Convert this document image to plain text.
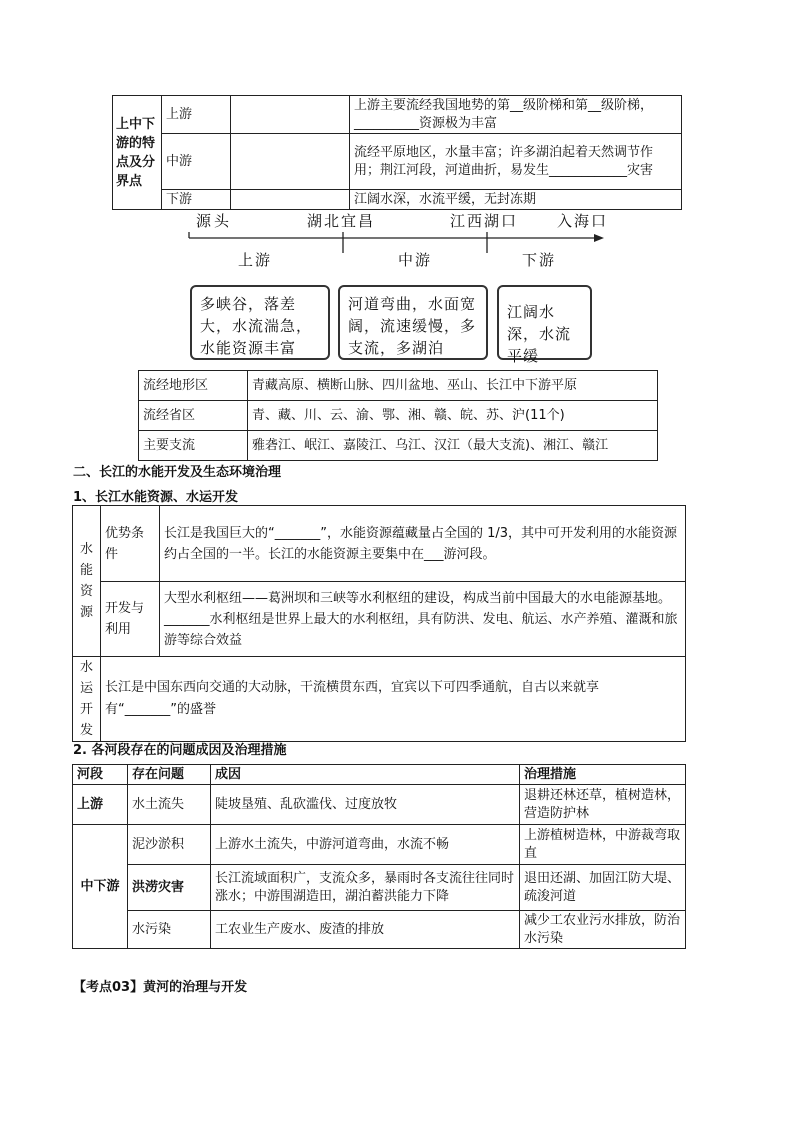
上中下游的特点及分界点	上游		上游主要流经我国地势的第__级阶梯和第__级阶梯，__________资源极为丰富
	中游		流经平原地区，水量丰富；许多湖泊起着天然调节作用；荆江河段，河道曲折，易发生____________灾害
	下游		江阔水深，水流平缓，无封冻期
源头	湖北宜昌	江西湖口	入海口
上游	中游	下游
多峡谷，落差大，水流湍急，水能资源丰富
河道弯曲，水面宽阔，流速缓慢，多支流，多湖泊
江阔水深，水流平缓
流经地形区	青藏高原、横断山脉、四川盆地、巫山、长江中下游平原
流经省区	青、藏、川、云、渝、鄂、湘、赣、皖、苏、沪(11个)
主要支流	雅砻江、岷江、嘉陵江、乌江、汉江（最大支流)、湘江、赣江
二、长江的水能开发及生态环境治理
1、长江水能资源、水运开发
水能资源	优势条件	长江是我国巨大的“_______”，水能资源蕴藏量占全国的 1/3，其中可开发利用的水能资源约占全国的一半。长江的水能资源主要集中在___游河段。
	开发与利用	大型水利枢纽——葛洲坝和三峡等水利枢纽的建设，构成当前中国最大的水电能源基地。_______水利枢纽是世界上最大的水利枢纽，具有防洪、发电、航运、水产养殖、灌溉和旅游等综合效益
水运开发	长江是中国东西向交通的大动脉，干流横贯东西，宜宾以下可四季通航，自古以来就享有“_______”的盛誉	
2. 各河段存在的问题成因及治理措施
河段	存在问题	成因	治理措施
上游	水土流失	陡坡垦殖、乱砍滥伐、过度放牧	退耕还林还草，植树造林，营造防护林
中下游	泥沙淤积	上游水土流失，中游河道弯曲，水流不畅	上游植树造林，中游裁弯取直
	洪涝灾害	长江流域面积广，支流众多，暴雨时各支流往往同时涨水；中游围湖造田，湖泊蓄洪能力下降	退田还湖、加固江防大堤、疏浚河道
	水污染	工农业生产废水、废渣的排放	减少工农业污水排放，防治水污染
【考点03】黄河的治理与开发
